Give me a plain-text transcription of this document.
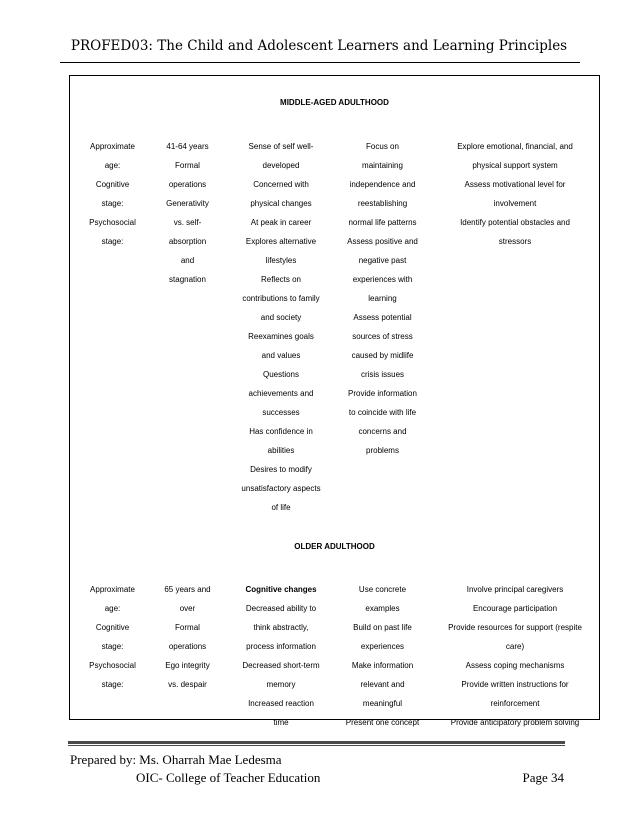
PROFED03: The Child and Adolescent Learners and Learning Principles
MIDDLE-AGED ADULTHOOD
Approximate
age:
Cognitive
stage:
Psychosocial
stage:
41-64 years
Formal
operations
Generativity
vs. self-
absorption
and
stagnation
Sense of self well-
developed
Concerned with
physical changes
At peak in career
Explores alternative
lifestyles
Reflects on
contributions to family
and society
Reexamines goals
and values
Questions
achievements and
successes
Has confidence in
abilities
Desires to modify
unsatisfactory aspects
of life
Focus on
maintaining
independence and
reestablishing
normal life patterns
Assess positive and
negative past
experiences with
learning
Assess potential
sources of stress
caused by midlife
crisis issues
Provide information
to coincide with life
concerns and
problems
Explore emotional, financial, and
physical support system
Assess motivational level for
involvement
Identify potential obstacles and
stressors
OLDER ADULTHOOD
Approximate
age:
Cognitive
stage:
Psychosocial
stage:
65 years and
over
Formal
operations
Ego integrity
vs. despair
Cognitive changes
Decreased ability to
think abstractly,
process information
Decreased short-term
memory
Increased reaction
time
Use concrete
examples
Build on past life
experiences
Make information
relevant and
meaningful
Present one concept
Involve principal caregivers
Encourage participation
Provide resources for support (respite
care)
Assess coping mechanisms
Provide written instructions for
reinforcement
Provide anticipatory problem solving
Prepared by: Ms. Oharrah Mae Ledesma
OIC- College of Teacher Education	Page 34
